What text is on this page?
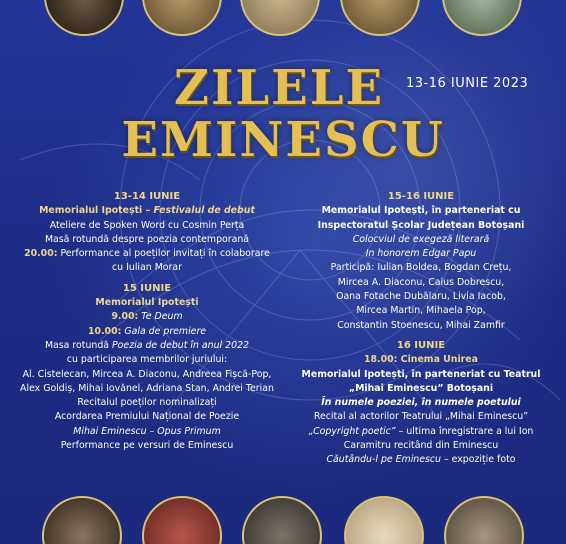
ZILELE
EMINESCU
13-16 IUNIE 2023
13-14 IUNIE
Memorialul Ipotești – Festivalul de debut
Ateliere de Spoken Word cu Cosmin Perța
Masă rotundă despre poezia contemporană
20.00: Performance al poeților invitați în colaborare
cu Iulian Morar
15 IUNIE
Memorialul Ipotești
9.00: Te Deum
10.00: Gala de premiere
Masa rotundă Poezia de debut în anul 2022
cu participarea membrilor juriului:
Al. Cistelecan, Mircea A. Diaconu, Andreea Fișcă-Pop,
Alex Goldiș, Mihai Iovănel, Adriana Stan, Andrei Terian
Recitalul poeților nominalizați
Acordarea Premiului Național de Poezie
Mihai Eminescu – Opus Primum
Performance pe versuri de Eminescu
15-16 IUNIE
Memorialul Ipotești, în parteneriat cu
Inspectoratul Școlar Județean Botoșani
Colocviul de exegeză literară
In honorem Edgar Papu
Participă: Iulian Boldea, Bogdan Crețu,
Mircea A. Diaconu, Caius Dobrescu,
Oana Fotache Dubălaru, Livia Iacob,
Mircea Martin, Mihaela Pop,
Constantin Stoenescu, Mihai Zamfir
16 IUNIE
18.00: Cinema Unirea
Memorialul Ipotești, în parteneriat cu Teatrul
„Mihai Eminescu” Botoșani
În numele poeziei, în numele poetului
Recital al actorilor Teatrului „Mihai Eminescu”
„Copyright poetic” – ultima înregistrare a lui Ion
Caramitru recitând din Eminescu
Căutându-l pe Eminescu – expoziție foto
